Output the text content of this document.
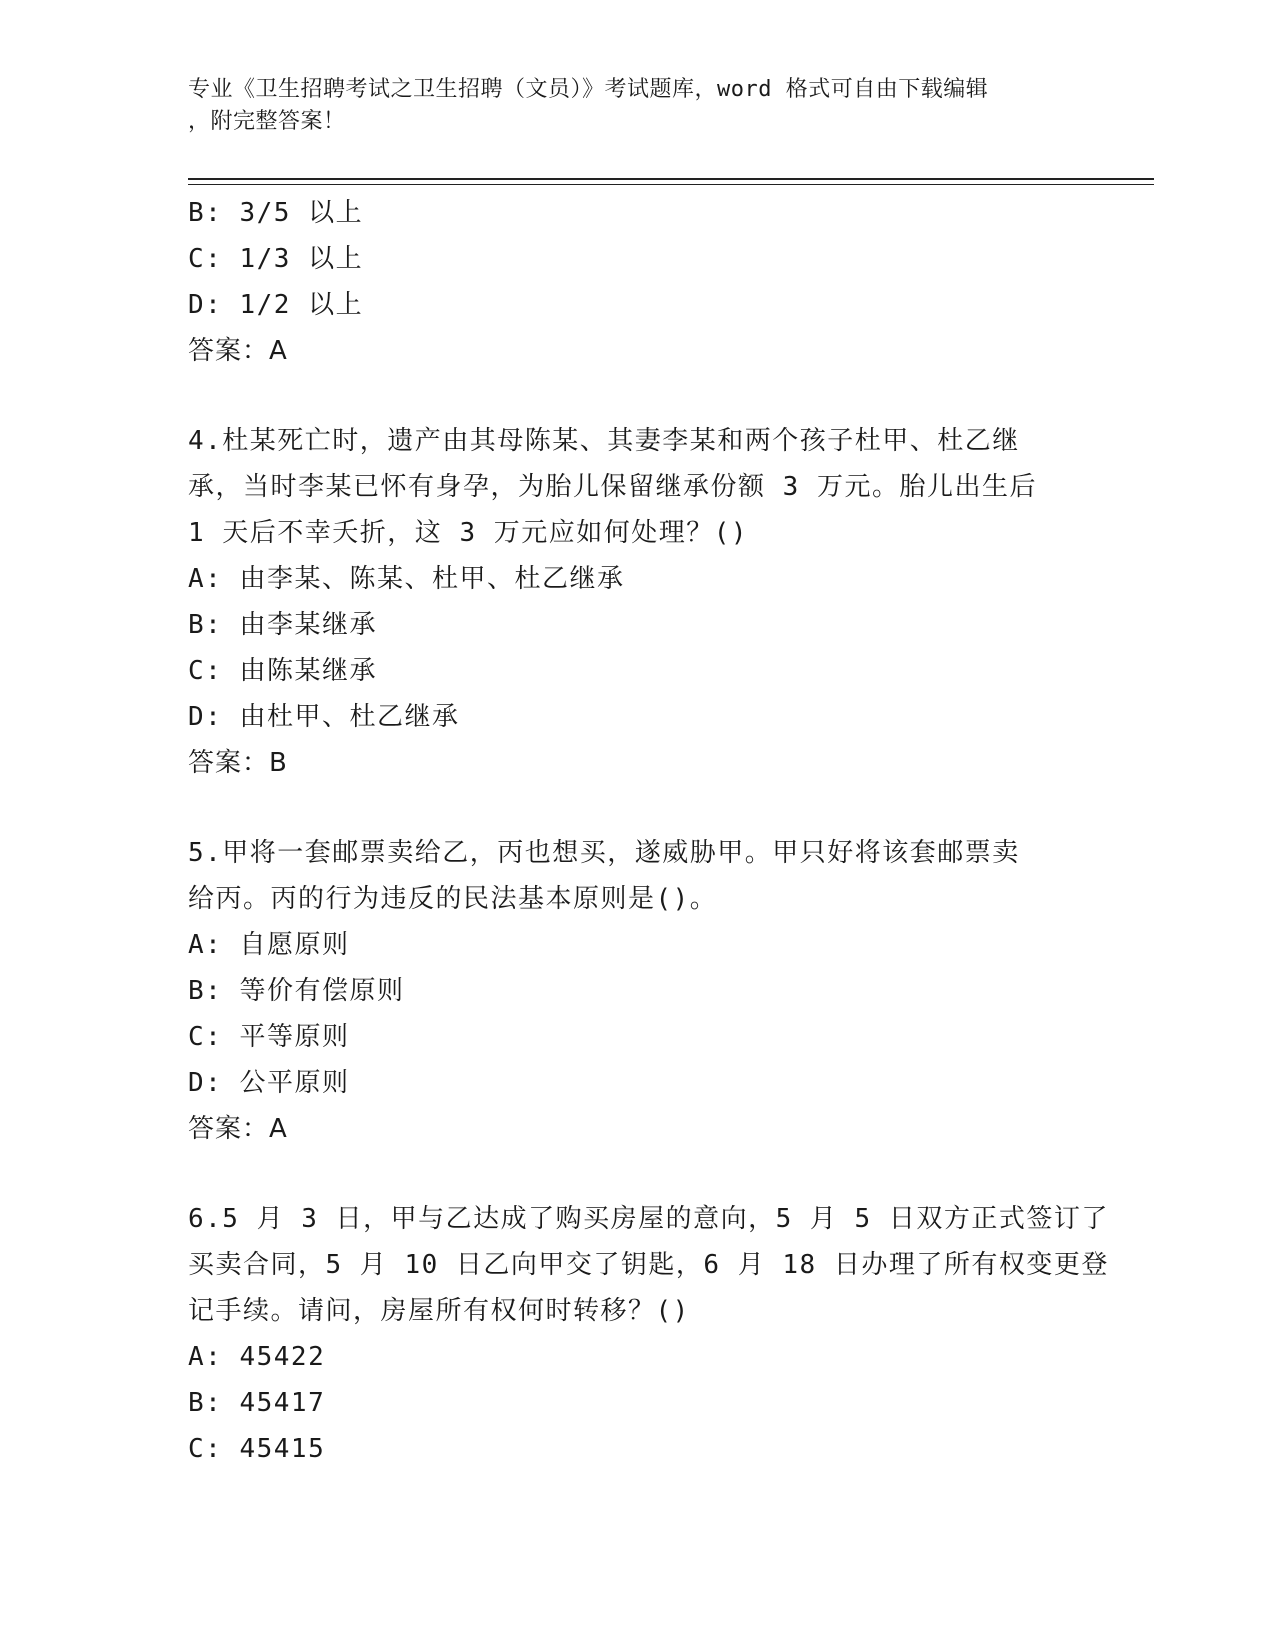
专业《卫生招聘考试之卫生招聘（文员）》考试题库，word 格式可自由下载编辑
，附完整答案！
B: 3/5 以上
C: 1/3 以上
D: 1/2 以上
答案：A
4.杜某死亡时，遗产由其母陈某、其妻李某和两个孩子杜甲、杜乙继
承，当时李某已怀有身孕，为胎儿保留继承份额 3 万元。胎儿出生后
1 天后不幸夭折，这 3 万元应如何处理？()
A: 由李某、陈某、杜甲、杜乙继承
B: 由李某继承
C: 由陈某继承
D: 由杜甲、杜乙继承
答案：B
5.甲将一套邮票卖给乙，丙也想买，遂威胁甲。甲只好将该套邮票卖
给丙。丙的行为违反的民法基本原则是()。
A: 自愿原则
B: 等价有偿原则
C: 平等原则
D: 公平原则
答案：A
6.5 月 3 日，甲与乙达成了购买房屋的意向，5 月 5 日双方正式签订了
买卖合同，5 月 10 日乙向甲交了钥匙，6 月 18 日办理了所有权变更登
记手续。请问，房屋所有权何时转移？()
A: 45422
B: 45417
C: 45415
